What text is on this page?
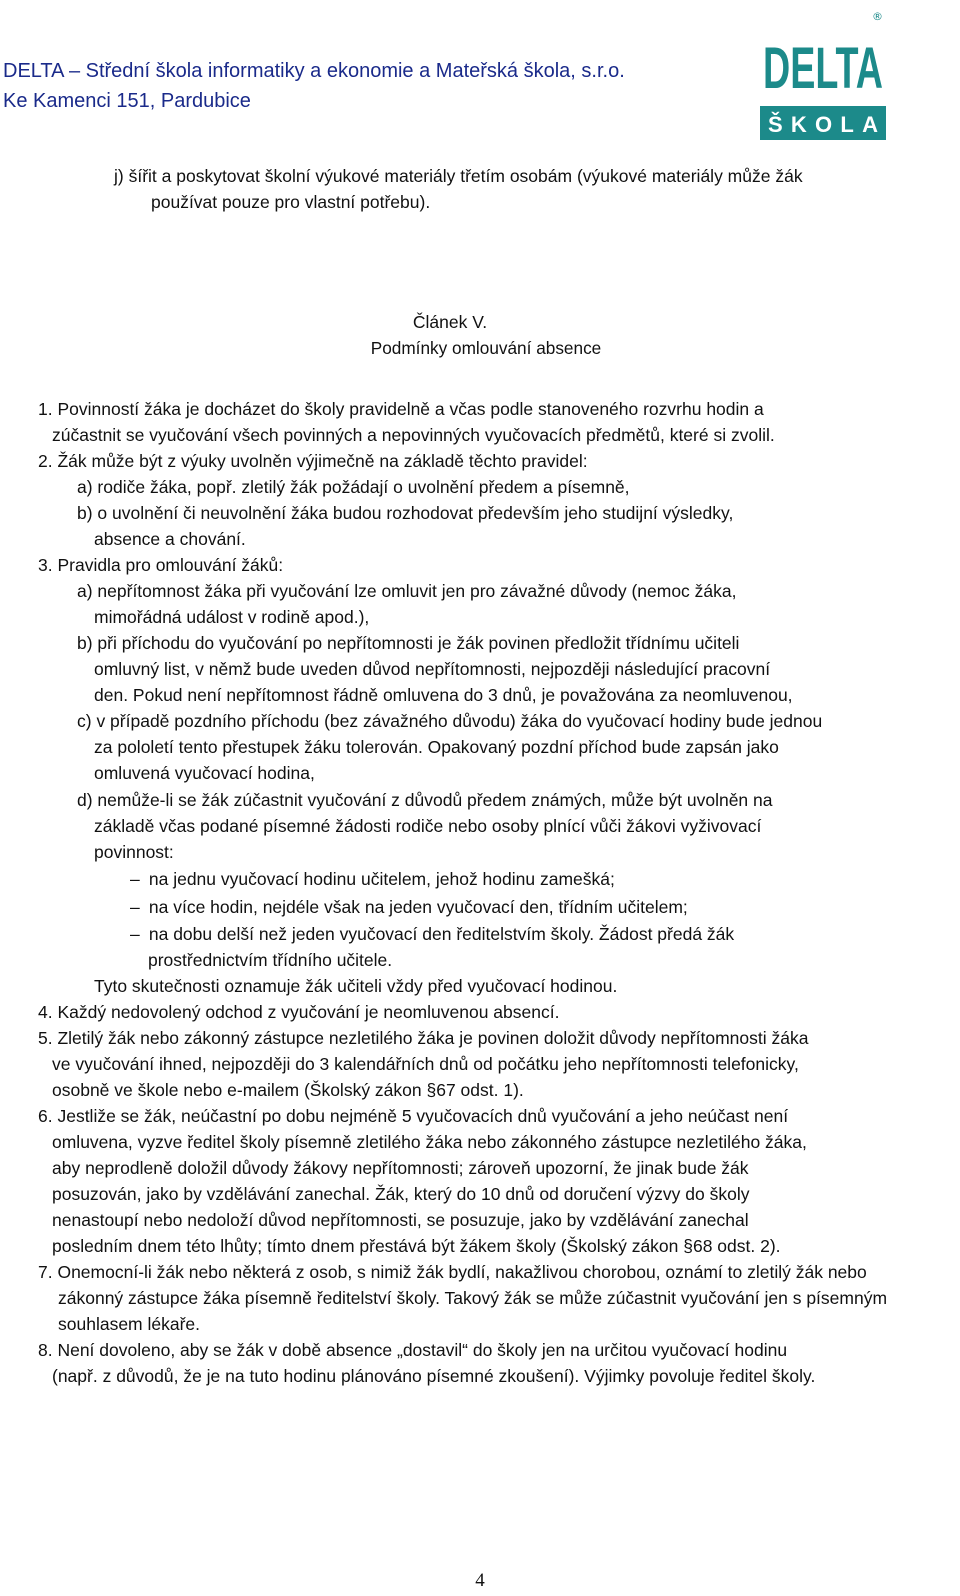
DELTA – Střední škola informatiky a ekonomie a Mateřská škola, s.r.o.
Ke Kamenci 151, Pardubice
®
DELTA
ŠKOLA
j) šířit a poskytovat školní výukové materiály třetím osobám (výukové materiály může žák
používat pouze pro vlastní potřebu).
Článek V.
Podmínky omlouvání absence
1. Povinností žáka je docházet do školy pravidelně a včas podle stanoveného rozvrhu hodin a
zúčastnit se vyučování všech povinných a nepovinných vyučovacích předmětů, které si zvolil.
2. Žák může být z výuky uvolněn výjimečně na základě těchto pravidel:
a) rodiče žáka, popř. zletilý žák požádají o uvolnění předem a písemně,
b) o uvolnění či neuvolnění žáka budou rozhodovat především jeho studijní výsledky,
absence a chování.
3. Pravidla pro omlouvání žáků:
a) nepřítomnost žáka při vyučování lze omluvit jen pro závažné důvody (nemoc žáka,
mimořádná událost v rodině apod.),
b) při příchodu do vyučování po nepřítomnosti je žák povinen předložit třídnímu učiteli
omluvný list, v němž bude uveden důvod nepřítomnosti, nejpozději následující pracovní
den. Pokud není nepřítomnost řádně omluvena do 3 dnů, je považována za neomluvenou,
c) v případě pozdního příchodu (bez závažného důvodu) žáka do vyučovací hodiny bude jednou
za pololetí tento přestupek žáku tolerován. Opakovaný pozdní příchod bude zapsán jako
omluvená vyučovací hodina,
d) nemůže-li se žák zúčastnit vyučování z důvodů předem známých, může být uvolněn na
základě včas podané písemné žádosti rodiče nebo osoby plnící vůči žákovi vyživovací
povinnost:
– na jednu vyučovací hodinu učitelem, jehož hodinu zamešká;
– na více hodin, nejdéle však na jeden vyučovací den, třídním učitelem;
– na dobu delší než jeden vyučovací den ředitelstvím školy. Žádost předá žák
prostřednictvím třídního učitele.
Tyto skutečnosti oznamuje žák učiteli vždy před vyučovací hodinou.
4. Každý nedovolený odchod z vyučování je neomluvenou absencí.
5. Zletilý žák nebo zákonný zástupce nezletilého žáka je povinen doložit důvody nepřítomnosti žáka
ve vyučování ihned, nejpozději do 3 kalendářních dnů od počátku jeho nepřítomnosti telefonicky,
osobně ve škole nebo e-mailem (Školský zákon §67 odst. 1).
6. Jestliže se žák, neúčastní po dobu nejméně 5 vyučovacích dnů vyučování a jeho neúčast není
omluvena, vyzve ředitel školy písemně zletilého žáka nebo zákonného zástupce nezletilého žáka,
aby neprodleně doložil důvody žákovy nepřítomnosti; zároveň upozorní, že jinak bude žák
posuzován, jako by vzdělávání zanechal. Žák, který do 10 dnů od doručení výzvy do školy
nenastoupí nebo nedoloží důvod nepřítomnosti, se posuzuje, jako by vzdělávání zanechal
posledním dnem této lhůty; tímto dnem přestává být žákem školy (Školský zákon §68 odst. 2).
7. Onemocní-li žák nebo některá z osob, s nimiž žák bydlí, nakažlivou chorobou, oznámí to zletilý žák nebo
zákonný zástupce žáka písemně ředitelství školy. Takový žák se může zúčastnit vyučování jen s písemným
souhlasem lékaře.
8. Není dovoleno, aby se žák v době absence „dostavil“ do školy jen na určitou vyučovací hodinu
(např. z důvodů, že je na tuto hodinu plánováno písemné zkoušení). Výjimky povoluje ředitel školy.
4
